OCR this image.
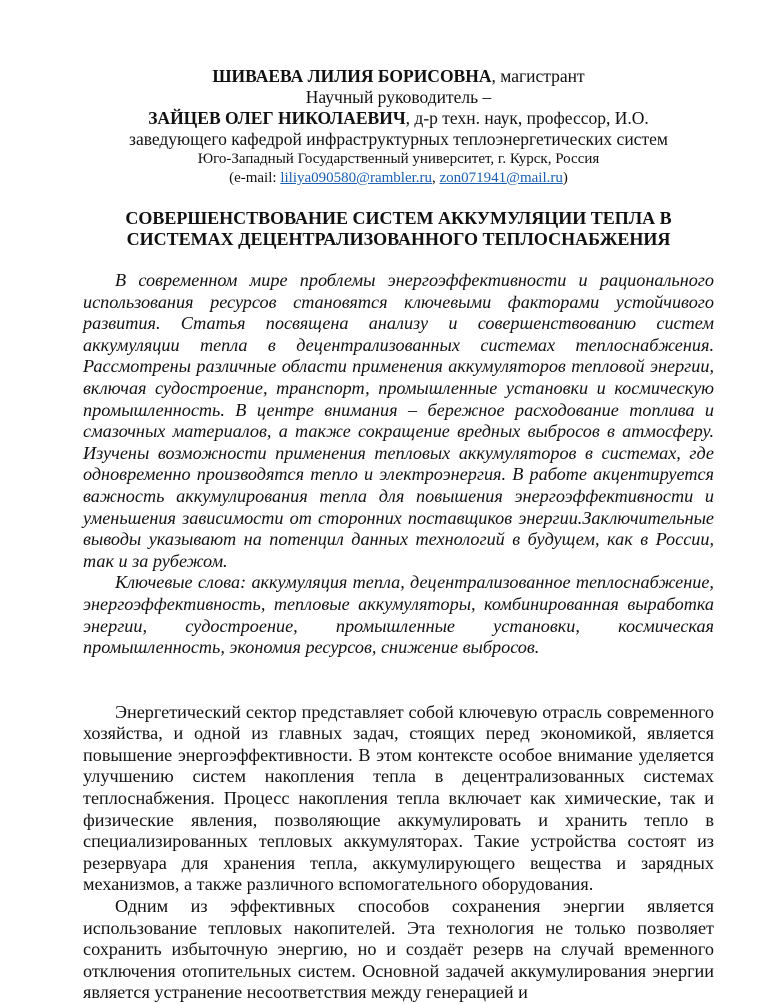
ШИВАЕВА ЛИЛИЯ БОРИСОВНА, магистрант
Научный руководитель –
ЗАЙЦЕВ ОЛЕГ НИКОЛАЕВИЧ, д-р техн. наук, профессор, И.О.
заведующего кафедрой инфраструктурных теплоэнергетических систем
Юго-Западный Государственный университет, г. Курск, Россия
(e-mail: liliya090580@rambler.ru, zon071941@mail.ru)
СОВЕРШЕНСТВОВАНИЕ СИСТЕМ АККУМУЛЯЦИИ ТЕПЛА В
СИСТЕМАХ ДЕЦЕНТРАЛИЗОВАННОГО ТЕПЛОСНАБЖЕНИЯ

В современном мире проблемы энергоэффективности и рационального использования ресурсов становятся ключевыми факторами устойчивого развития. Статья посвящена анализу и совершенствованию систем аккумуляции тепла в децентрализованных системах теплоснабжения. Рассмотрены различные области применения аккумуляторов тепловой энергии, включая судостроение, транспорт, промышленные установки и космическую промышленность. В центре внимания – бережное расходование топлива и смазочных материалов, а также сокращение вредных выбросов в атмосферу. Изучены возможности применения тепловых аккумуляторов в системах, где одновременно производятся тепло и электроэнергия. В работе акцентируется важность аккумулирования тепла для повышения энергоэффективности и уменьшения зависимости от сторонних поставщиков энергии.Заключительные выводы указывают на потенцил данных технологий в будущем, как в России, так и за рубежом.

Ключевые слова: аккумуляция тепла, децентрализованное теплоснабжение, энергоэффективность, тепловые аккумуляторы, комбинированная выработка энергии, судостроение, промышленные установки, космическая промышленность, экономия ресурсов, снижение выбросов.

Энергетический сектор представляет собой ключевую отрасль современного хозяйства, и одной из главных задач, стоящих перед экономикой, является повышение энергоэффективности. В этом контексте особое внимание уделяется улучшению систем накопления тепла в децентрализованных системах теплоснабжения. Процесс накопления тепла включает как химические, так и физические явления, позволяющие аккумулировать и хранить тепло в специализированных тепловых аккумуляторах. Такие устройства состоят из резервуара для хранения тепла, аккумулирующего вещества и зарядных механизмов, а также различного вспомогательного оборудования.

Одним из эффективных способов сохранения энергии является использование тепловых накопителей. Эта технология не только позволяет сохранить избыточную энергию, но и создаёт резерв на случай временного отключения отопительных систем. Основной задачей аккумулирования энергии является устранение несоответствия между генерацией и
